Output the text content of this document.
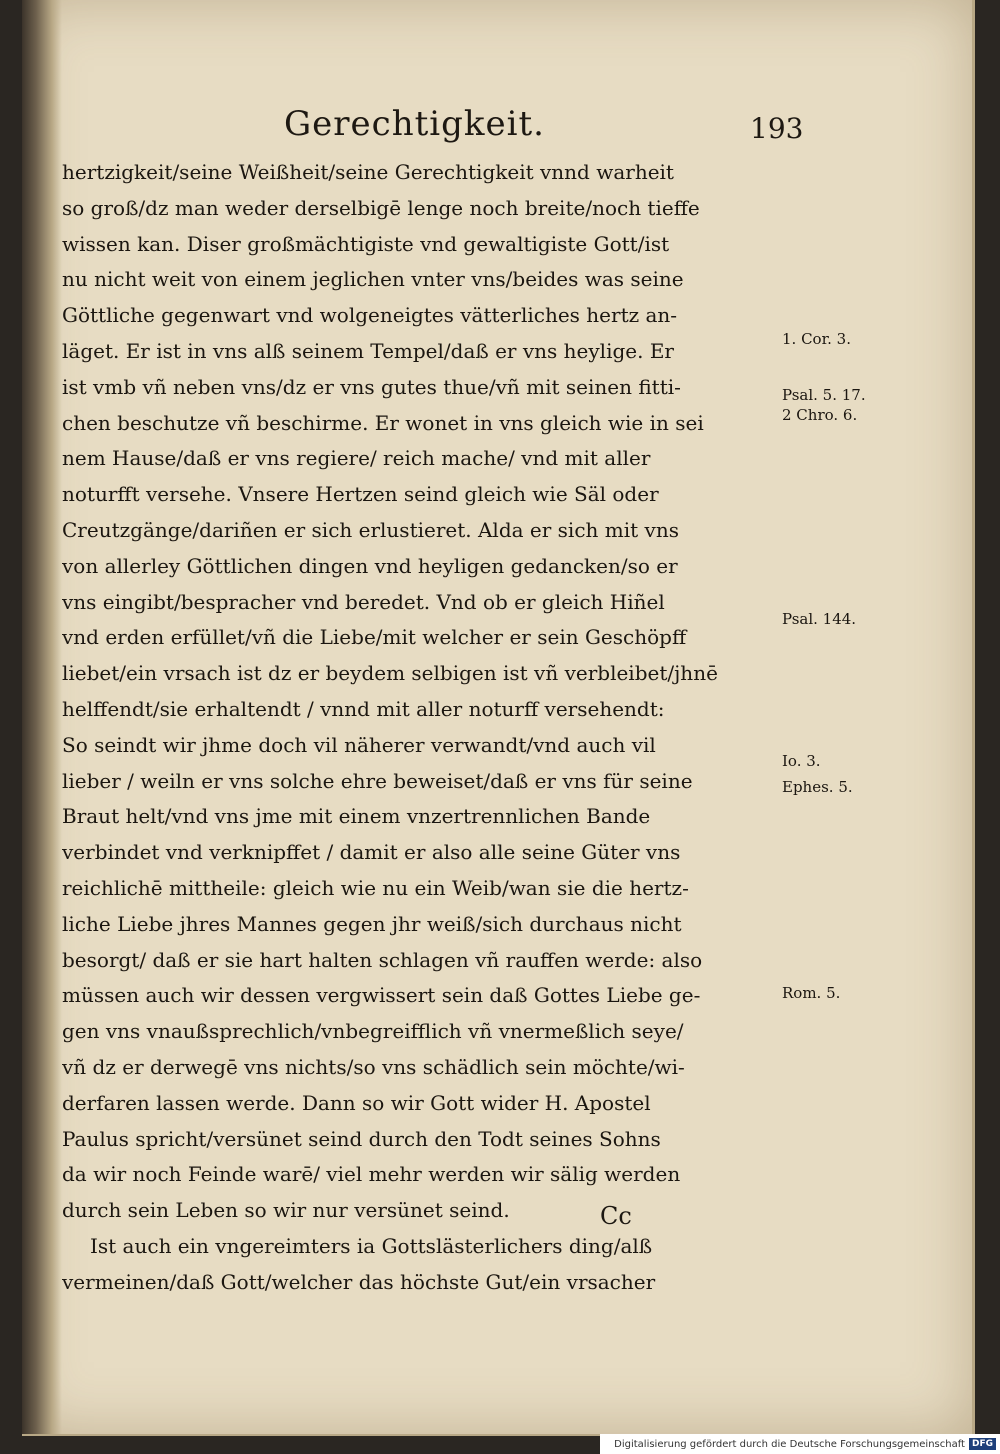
Gerechtigkeit.	193
hertzigkeit/seine Weißheit/seine Gerechtigkeit vnnd warheit
so groß/dz man weder derselbigē lenge noch breite/noch tieffe
wissen kan. Diser großmächtigiste vnd gewaltigiste Gott/ist
nu nicht weit von einem jeglichen vnter vns/beides was seine
Göttliche gegenwart vnd wolgeneigtes vätterliches hertz an-
läget. Er ist in vns alß seinem Tempel/daß er vns heylige. Er
ist vmb vñ neben vns/dz er vns gutes thue/vñ mit seinen fitti-
chen beschutze vñ beschirme. Er wonet in vns gleich wie in sei
nem Hause/daß er vns regiere/ reich mache/ vnd mit aller
noturfft versehe. Vnsere Hertzen seind gleich wie Säl oder
Creutzgänge/dariñen er sich erlustieret. Alda er sich mit vns
von allerley Göttlichen dingen vnd heyligen gedancken/so er
vns eingibt/bespracher vnd beredet. Vnd ob er gleich Hiñel
vnd erden erfüllet/vñ die Liebe/mit welcher er sein Geschöpff
liebet/ein vrsach ist dz er beydem selbigen ist vñ verbleibet/jhnē
helffendt/sie erhaltendt / vnnd mit aller noturff versehendt:
So seindt wir jhme doch vil näherer verwandt/vnd auch vil
lieber / weiln er vns solche ehre beweiset/daß er vns für seine
Braut helt/vnd vns jme mit einem vnzertrennlichen Bande
verbindet vnd verknipffet / damit er also alle seine Güter vns
reichlichē mittheile: gleich wie nu ein Weib/wan sie die hertz-
liche Liebe jhres Mannes gegen jhr weiß/sich durchaus nicht
besorgt/ daß er sie hart halten schlagen vñ rauffen werde: also
müssen auch wir dessen vergwissert sein daß Gottes Liebe ge-
gen vns vnaußsprechlich/vnbegreifflich vñ vnermeßlich seye/
vñ dz er derwegē vns nichts/so vns schädlich sein möchte/wi-
derfaren lassen werde. Dann so wir Gott wider H. Apostel
Paulus spricht/versünet seind durch den Todt seines Sohns
da wir noch Feinde warē/ viel mehr werden wir sälig werden
durch sein Leben so wir nur versünet seind.
Ist auch ein vngereimters ia Gottslästerlichers ding/alß
vermeinen/daß Gott/welcher das höchste Gut/ein vrsacher
1. Cor. 3.
Psal. 5. 17.
2 Chro. 6.
Psal. 144.
Io. 3.
Ephes. 5.
Rom. 5.
Cc
Digitalisierung gefördert durch die Deutsche Forschungsgemeinschaft DFG
